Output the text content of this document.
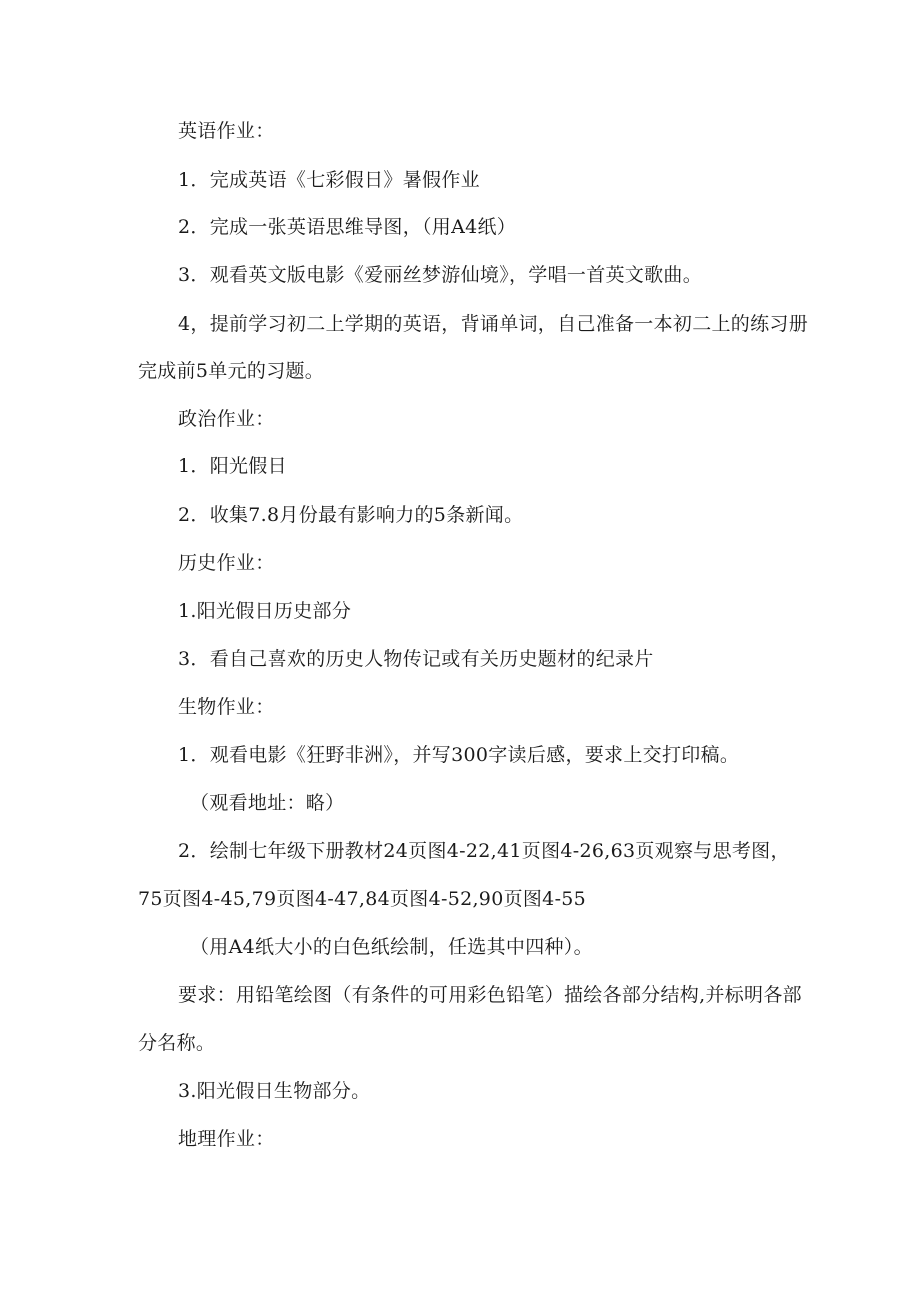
英语作业：
1．完成英语《七彩假日》暑假作业
2．完成一张英语思维导图，（用A4纸）
3．观看英文版电影《爱丽丝梦游仙境》，学唱一首英文歌曲。
4，提前学习初二上学期的英语，背诵单词，自己准备一本初二上的练习册
完成前5单元的习题。
政治作业：
1．阳光假日
2．收集7.8月份最有影响力的5条新闻。
历史作业：
1.阳光假日历史部分
3．看自己喜欢的历史人物传记或有关历史题材的纪录片
生物作业：
1．观看电影《狂野非洲》，并写300字读后感，要求上交打印稿。
（观看地址：略）
2．绘制七年级下册教材24页图4-22,41页图4-26,63页观察与思考图，
75页图4-45,79页图4-47,84页图4-52,90页图4-55
（用A4纸大小的白色纸绘制，任选其中四种）。
要求：用铅笔绘图（有条件的可用彩色铅笔）描绘各部分结构,并标明各部
分名称。
3.阳光假日生物部分。
地理作业：
